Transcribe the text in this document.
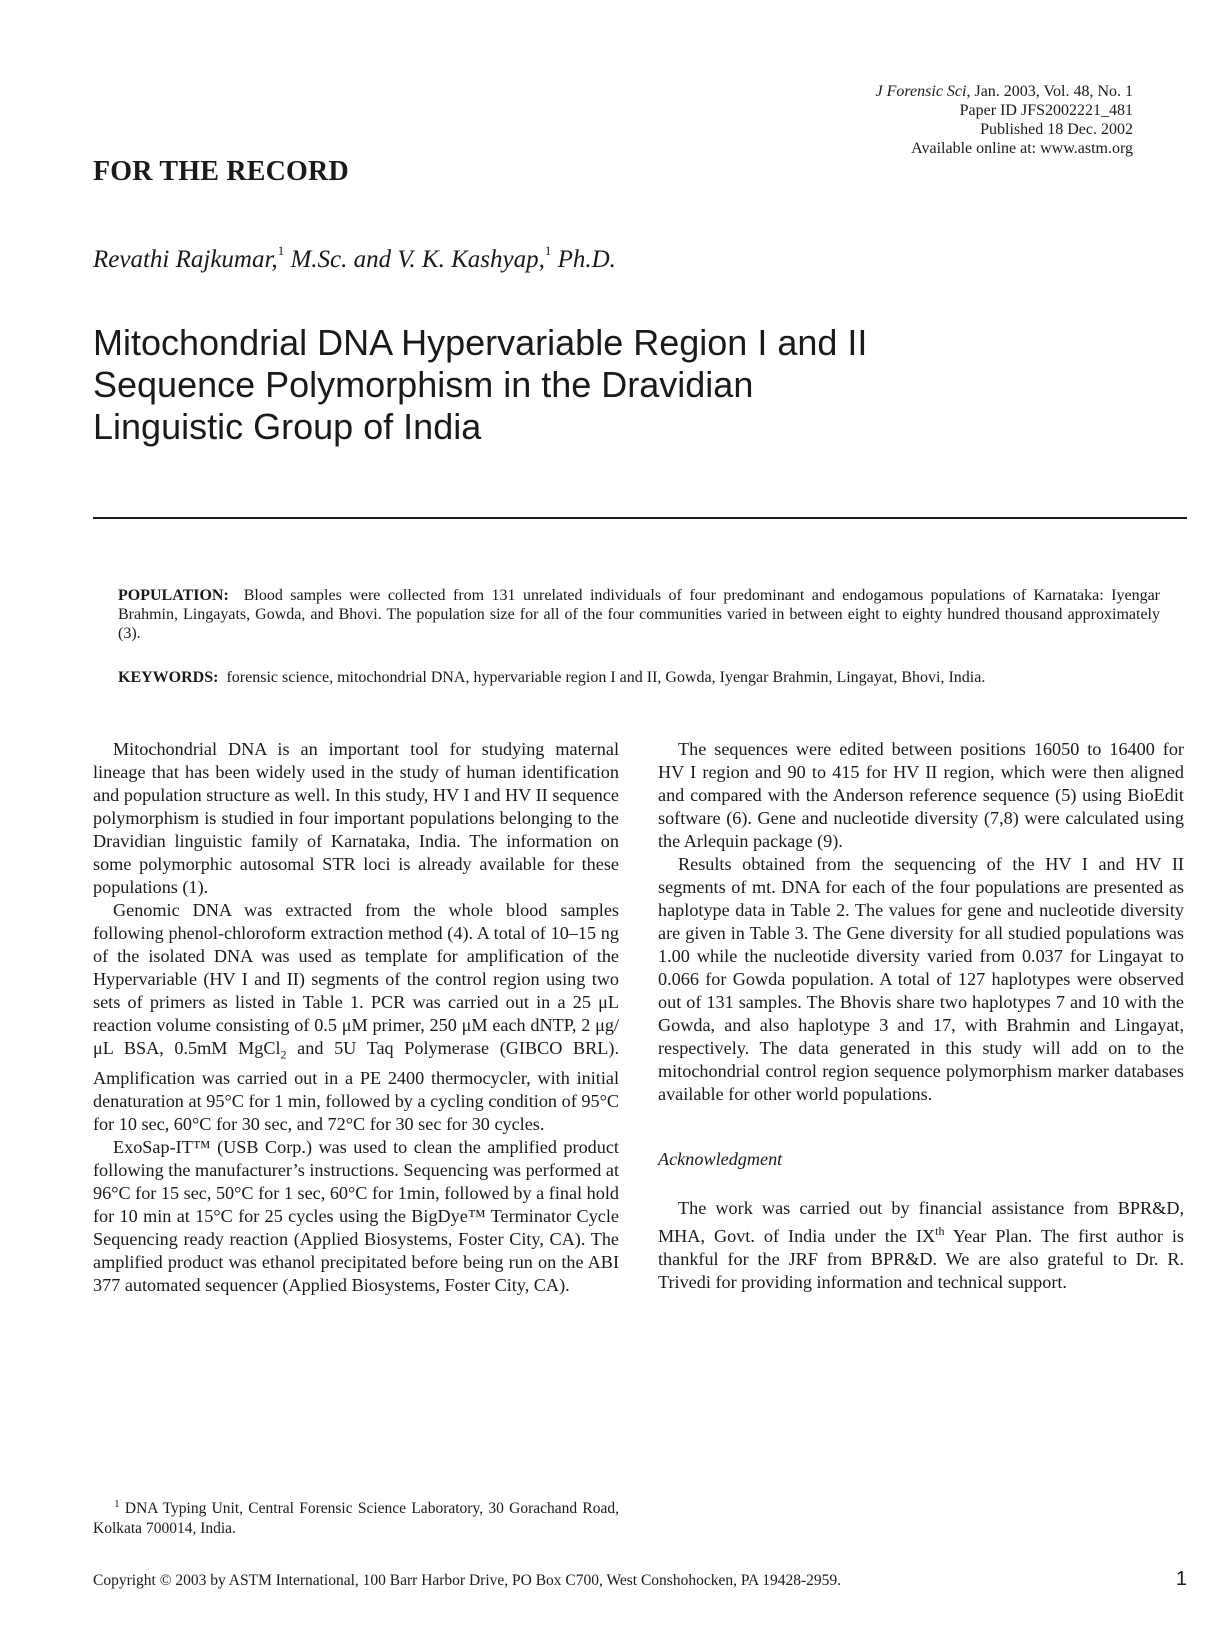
J Forensic Sci, Jan. 2003, Vol. 48, No. 1
Paper ID JFS2002221_481
Published 18 Dec. 2002
Available online at: www.astm.org
FOR THE RECORD
Revathi Rajkumar,$^1$ M.Sc. and V. K. Kashyap,$^1$ Ph.D.
Mitochondrial DNA Hypervariable Region I and II
Sequence Polymorphism in the Dravidian
Linguistic Group of India
POPULATION: Blood samples were collected from 131 unrelated individuals of four predominant and endogamous populations of Karnataka: Iyengar Brahmin, Lingayats, Gowda, and Bhovi. The population size for all of the four communities varied in between eight to eighty hundred thousand approximately (3).
KEYWORDS: forensic science, mitochondrial DNA, hypervariable region I and II, Gowda, Iyengar Brahmin, Lingayat, Bhovi, India.

Mitochondrial DNA is an important tool for studying maternal lineage that has been widely used in the study of human identification and population structure as well. In this study, HV I and HV II sequence polymorphism is studied in four important populations belonging to the Dravidian linguistic family of Karnataka, India. The information on some polymorphic autosomal STR loci is already available for these populations (1).

Genomic DNA was extracted from the whole blood samples following phenol-chloroform extraction method (4). A total of 10–15 ng of the isolated DNA was used as template for amplification of the Hypervariable (HV I and II) segments of the control region using two sets of primers as listed in Table 1. PCR was carried out in a 25 μL reaction volume consisting of 0.5 μM primer, 250 μM each dNTP, 2 μg/μL BSA, 0.5mM MgCl$_2$ and 5U Taq Polymerase (GIBCO BRL). Amplification was carried out in a PE 2400 thermocycler, with initial denaturation at 95°C for 1 min, followed by a cycling condition of 95°C for 10 sec, 60°C for 30 sec, and 72°C for 30 sec for 30 cycles.

ExoSap-IT™ (USB Corp.) was used to clean the amplified product following the manufacturer’s instructions. Sequencing was performed at 96°C for 15 sec, 50°C for 1 sec, 60°C for 1min, followed by a final hold for 10 min at 15°C for 25 cycles using the BigDye™ Terminator Cycle Sequencing ready reaction (Applied Biosystems, Foster City, CA). The amplified product was ethanol precipitated before being run on the ABI 377 automated sequencer (Applied Biosystems, Foster City, CA).

The sequences were edited between positions 16050 to 16400 for HV I region and 90 to 415 for HV II region, which were then aligned and compared with the Anderson reference sequence (5) using BioEdit software (6). Gene and nucleotide diversity (7,8) were calculated using the Arlequin package (9).

Results obtained from the sequencing of the HV I and HV II segments of mt. DNA for each of the four populations are presented as haplotype data in Table 2. The values for gene and nucleotide diversity are given in Table 3. The Gene diversity for all studied populations was 1.00 while the nucleotide diversity varied from 0.037 for Lingayat to 0.066 for Gowda population. A total of 127 haplotypes were observed out of 131 samples. The Bhovis share two haplotypes 7 and 10 with the Gowda, and also haplotype 3 and 17, with Brahmin and Lingayat, respectively. The data generated in this study will add on to the mitochondrial control region sequence polymorphism marker databases available for other world populations.

Acknowledgment

The work was carried out by financial assistance from BPR&D, MHA, Govt. of India under the IXth Year Plan. The first author is thankful for the JRF from BPR&D. We are also grateful to Dr. R. Trivedi for providing information and technical support.

$^1$ DNA Typing Unit, Central Forensic Science Laboratory, 30 Gorachand Road, Kolkata 700014, India.
Copyright © 2003 by ASTM International, 100 Barr Harbor Drive, PO Box C700, West Conshohocken, PA 19428-2959.	1
